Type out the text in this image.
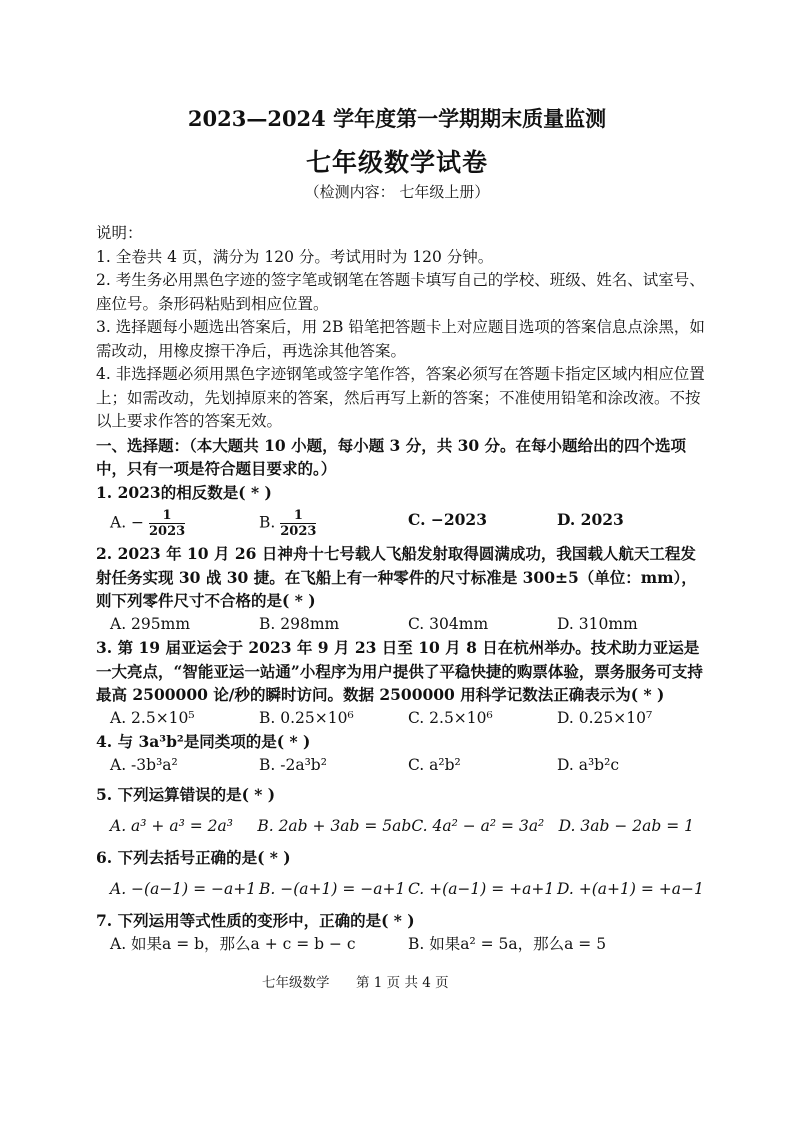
2023—2024 学年度第一学期期末质量监测
七年级数学试卷
（检测内容： 七年级上册）

说明：

1. 全卷共 4 页，满分为 120 分。考试用时为 120 分钟。

2. 考生务必用黑色字迹的签字笔或钢笔在答题卡填写自己的学校、班级、姓名、试室号、 座位号。条形码粘贴到相应位置。

3. 选择题每小题选出答案后，用 2B 铅笔把答题卡上对应题目选项的答案信息点涂黑，如需改动，用橡皮擦干净后，再选涂其他答案。

4. 非选择题必须用黑色字迹钢笔或签字笔作答，答案必须写在答题卡指定区域内相应位置上；如需改动，先划掉原来的答案，然后再写上新的答案；不准使用铅笔和涂改液。不按以上要求作答的答案无效。

一、选择题：（本大题共 10 小题，每小题 3 分，共 30 分。在每小题给出的四个选项中，只有一项是符合题目要求的。）

1. 2023的相反数是( * )

A. − $\frac{1}{2023}$	B. $\frac{1}{2023}$	C. −2023	D. 2023

2. 2023 年 10 月 26 日神舟十七号载人飞船发射取得圆满成功，我国载人航天工程发射任务实现 30 战 30 捷。在飞船上有一种零件的尺寸标准是 300±5（单位：mm），则下列零件尺寸不合格的是( * )

A. 295mm	B. 298mm	C. 304mm	D. 310mm

3. 第 19 届亚运会于 2023 年 9 月 23 日至 10 月 8 日在杭州举办。技术助力亚运是一大亮点，“智能亚运一站通”小程序为用户提供了平稳快捷的购票体验，票务服务可支持最高 2500000 论/秒的瞬时访问。数据 2500000 用科学记数法正确表示为( * )

A. 2.5×10⁵	B. 0.25×10⁶	C. 2.5×10⁶	D. 0.25×10⁷

4. 与 3a³b²是同类项的是( * )

A. -3b³a²	B. -2a³b²	C. a²b²	D. a³b²c

5. 下列运算错误的是( * )

A. a³ + a³ = 2a³	B. 2ab + 3ab = 5ab C. 4a² − a² = 3a² D. 3ab − 2ab = 1

6. 下列去括号正确的是( * )

A. −(a−1) = −a+1 B. −(a+1) = −a+1 C. +(a−1) = +a+1 D. +(a+1) = +a−1

7. 下列运用等式性质的变形中，正确的是( * )

A. 如果a = b，那么a + c = b − c	B. 如果a² = 5a，那么a = 5
七年级数学 第 1 页 共 4 页
